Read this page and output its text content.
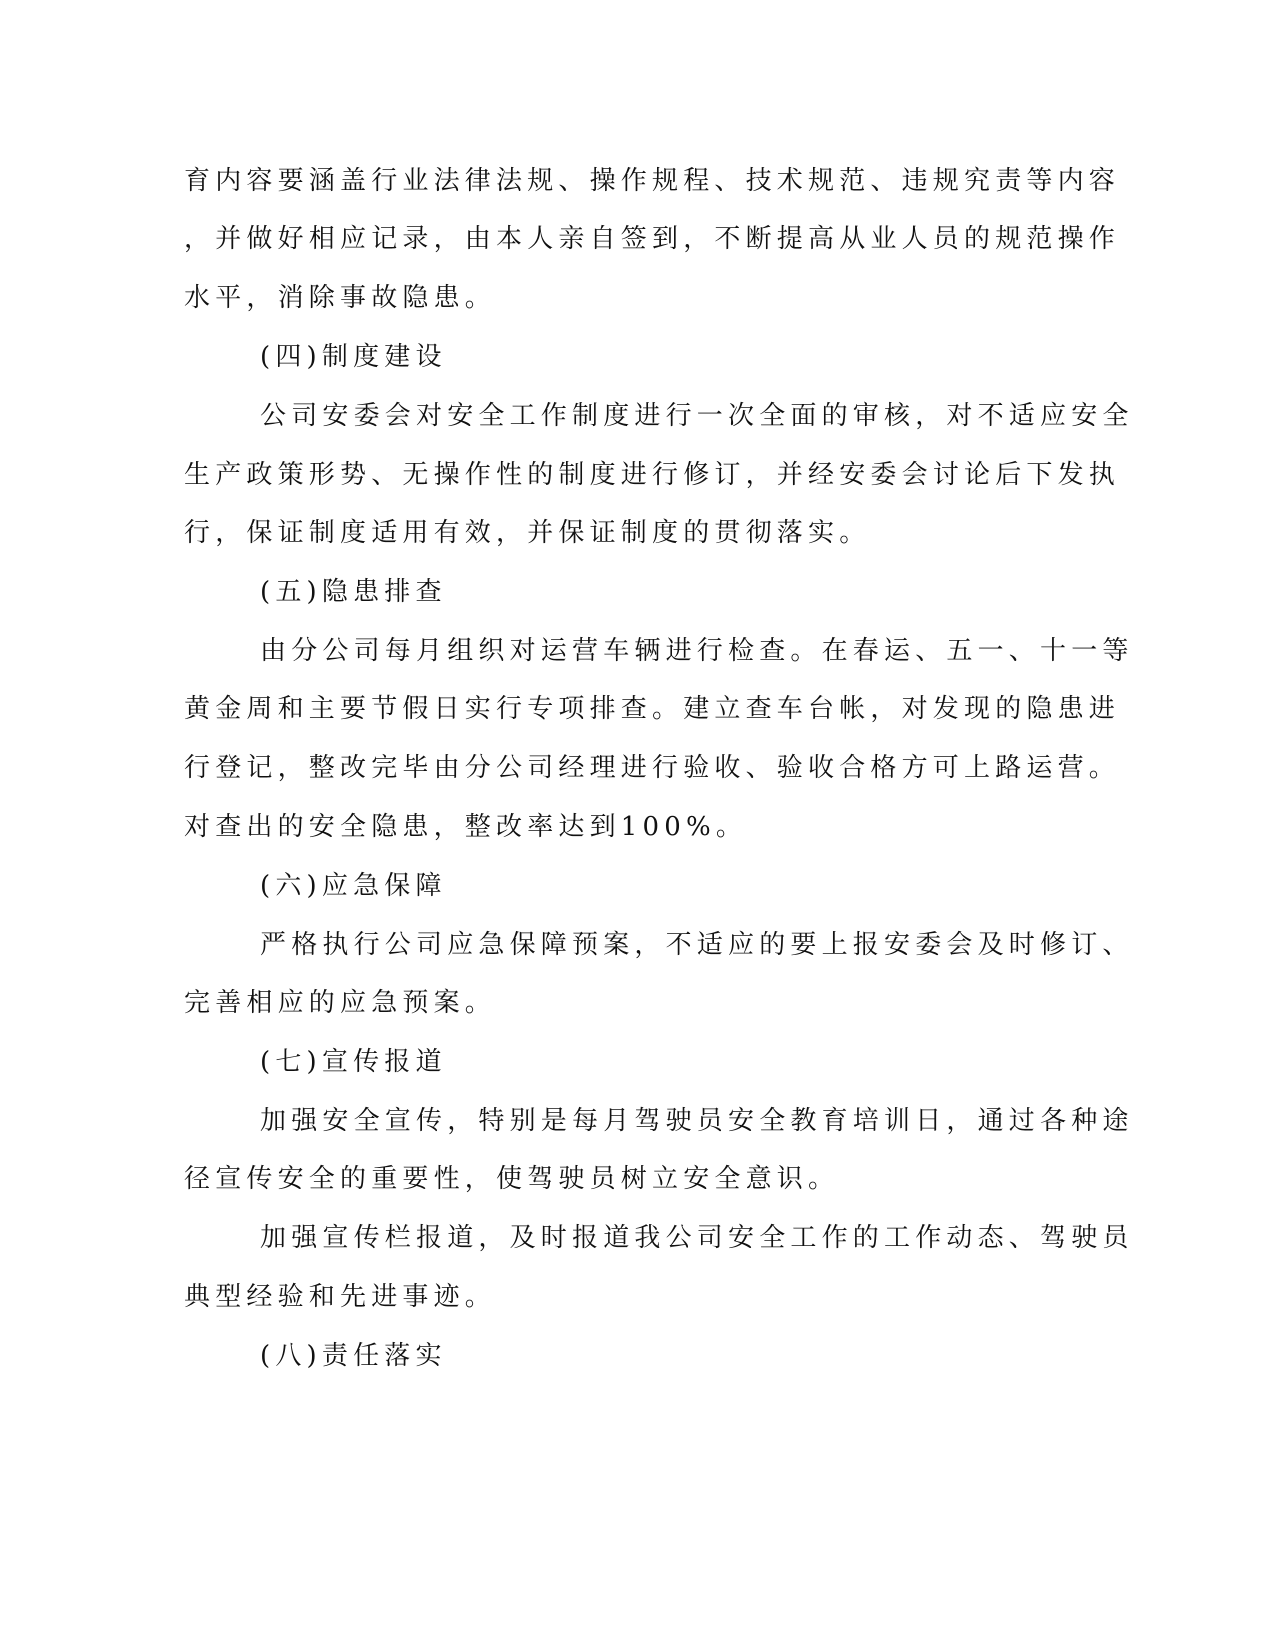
育内容要涵盖行业法律法规、操作规程、技术规范、违规究责等内容
，并做好相应记录，由本人亲自签到，不断提高从业人员的规范操作
水平，消除事故隐患。
(四)制度建设
公司安委会对安全工作制度进行一次全面的审核，对不适应安全
生产政策形势、无操作性的制度进行修订，并经安委会讨论后下发执
行，保证制度适用有效，并保证制度的贯彻落实。
(五)隐患排查
由分公司每月组织对运营车辆进行检查。在春运、五一、十一等
黄金周和主要节假日实行专项排查。建立查车台帐，对发现的隐患进
行登记，整改完毕由分公司经理进行验收、验收合格方可上路运营。
对查出的安全隐患，整改率达到100%。
(六)应急保障
严格执行公司应急保障预案，不适应的要上报安委会及时修订、
完善相应的应急预案。
(七)宣传报道
加强安全宣传，特别是每月驾驶员安全教育培训日，通过各种途
径宣传安全的重要性，使驾驶员树立安全意识。
加强宣传栏报道，及时报道我公司安全工作的工作动态、驾驶员
典型经验和先进事迹。
(八)责任落实
